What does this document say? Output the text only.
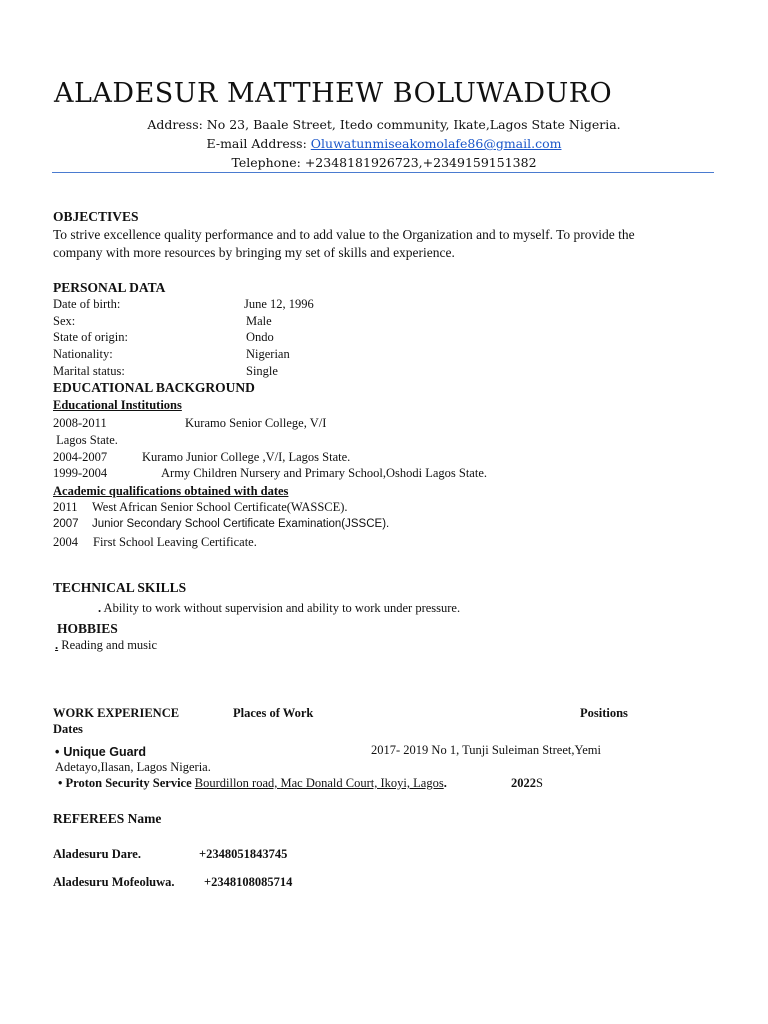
ALADESUR MATTHEW BOLUWADURO
Address: No 23, Baale Street, Itedo community, Ikate,Lagos State Nigeria.
E-mail Address: Oluwatunmiseakomolafe86@gmail.com
Telephone: +2348181926723,+2349159151382
OBJECTIVES
To strive excellence quality performance and to add value to the Organization and to myself. To provide the
company with more resources by bringing my set of skills and experience.
PERSONAL DATA
Date of birth:	June 12, 1996
Sex:	Male
State of origin:	Ondo
Nationality:	Nigerian
Marital status:	Single
EDUCATIONAL BACKGROUND
Educational Institutions
2008-2011	Kuramo Senior College, V/I
Lagos State.
2004-2007	Kuramo Junior College ,V/I, Lagos State.
1999-2004	Army Children Nursery and Primary School,Oshodi Lagos State.
Academic qualifications obtained with dates
2011 West African Senior School Certificate(WASSCE).
2007 Junior Secondary School Certificate Examination(JSSCE).
2004 First School Leaving Certificate.
TECHNICAL SKILLS
. Ability to work without supervision and ability to work under pressure.
HOBBIES
. Reading and music
WORK EXPERIENCE	Places of Work	Positions
Dates
• Unique Guard	2017- 2019 No 1, Tunji Suleiman Street,Yemi
Adetayo,Ilasan, Lagos Nigeria.
• Proton Security Service Bourdillon road, Mac Donald Court, Ikoyi, Lagos.	2022S
REFEREES Name
Aladesuru Dare.	+2348051843745
Aladesuru Mofeoluwa. +2348108085714
